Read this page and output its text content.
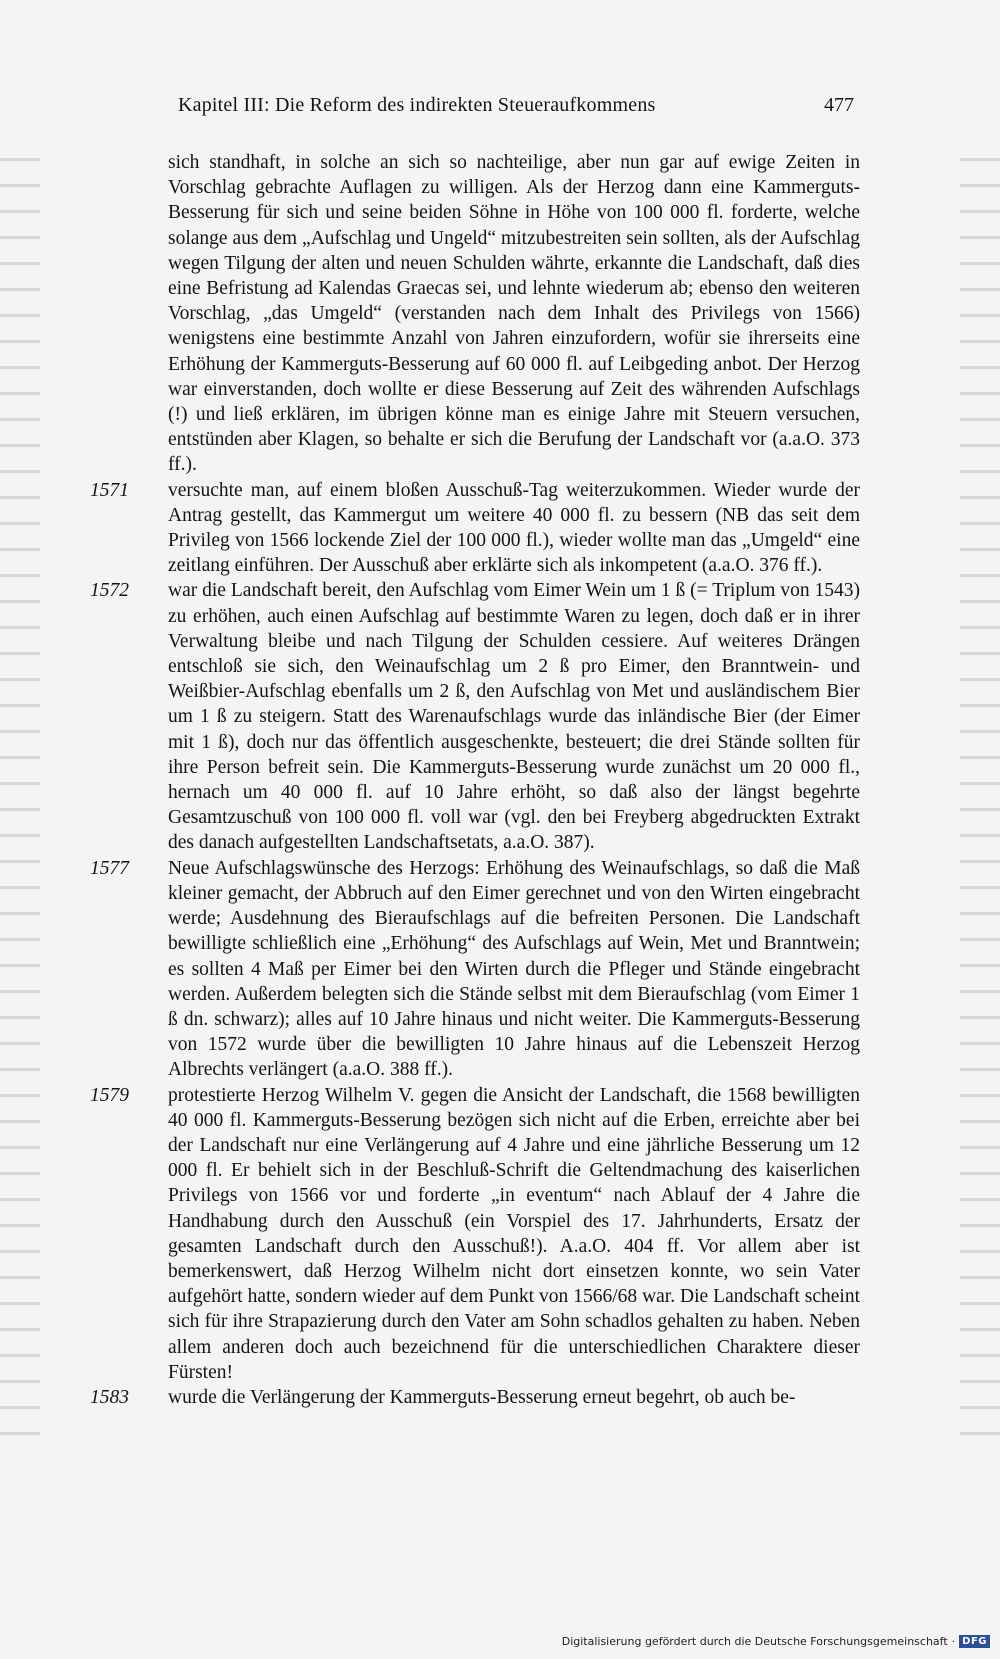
Kapitel III: Die Reform des indirekten Steueraufkommens	477
sich standhaft, in solche an sich so nachteilige, aber nun gar auf ewige Zeiten in Vorschlag gebrachte Auflagen zu willigen. Als der Herzog dann eine Kammerguts-Besserung für sich und seine beiden Söhne in Höhe von 100 000 fl. forderte, welche solange aus dem „Aufschlag und Ungeld“ mitzubestreiten sein sollten, als der Aufschlag wegen Tilgung der alten und neuen Schulden währte, erkannte die Landschaft, daß dies eine Befristung ad Kalendas Graecas sei, und lehnte wiederum ab; ebenso den weiteren Vorschlag, „das Umgeld“ (verstanden nach dem Inhalt des Privilegs von 1566) wenigstens eine bestimmte Anzahl von Jahren einzufordern, wofür sie ihrerseits eine Erhöhung der Kammerguts-Besserung auf 60 000 fl. auf Leibgeding anbot. Der Herzog war einverstanden, doch wollte er diese Besserung auf Zeit des währenden Aufschlags (!) und ließ erklären, im übrigen könne man es einige Jahre mit Steuern versuchen, entstünden aber Klagen, so behalte er sich die Berufung der Landschaft vor (a.a.O. 373 ff.).
1571	versuchte man, auf einem bloßen Ausschuß-Tag weiterzukommen. Wieder wurde der Antrag gestellt, das Kammergut um weitere 40 000 fl. zu bessern (NB das seit dem Privileg von 1566 lockende Ziel der 100 000 fl.), wieder wollte man das „Umgeld“ eine zeitlang einführen. Der Ausschuß aber erklärte sich als inkompetent (a.a.O. 376 ff.).
1572	war die Landschaft bereit, den Aufschlag vom Eimer Wein um 1 ß (= Triplum von 1543) zu erhöhen, auch einen Aufschlag auf bestimmte Waren zu legen, doch daß er in ihrer Verwaltung bleibe und nach Tilgung der Schulden cessiere. Auf weiteres Drängen entschloß sie sich, den Weinaufschlag um 2 ß pro Eimer, den Branntwein- und Weißbier-Aufschlag ebenfalls um 2 ß, den Aufschlag von Met und ausländischem Bier um 1 ß zu steigern. Statt des Warenaufschlags wurde das inländische Bier (der Eimer mit 1 ß), doch nur das öffentlich ausgeschenkte, besteuert; die drei Stände sollten für ihre Person befreit sein. Die Kammerguts-Besserung wurde zunächst um 20 000 fl., hernach um 40 000 fl. auf 10 Jahre erhöht, so daß also der längst begehrte Gesamtzuschuß von 100 000 fl. voll war (vgl. den bei Freyberg abgedruckten Extrakt des danach aufgestellten Landschaftsetats, a.a.O. 387).
1577	Neue Aufschlagswünsche des Herzogs: Erhöhung des Weinaufschlags, so daß die Maß kleiner gemacht, der Abbruch auf den Eimer gerechnet und von den Wirten eingebracht werde; Ausdehnung des Bieraufschlags auf die befreiten Personen. Die Landschaft bewilligte schließlich eine „Erhöhung“ des Aufschlags auf Wein, Met und Branntwein; es sollten 4 Maß per Eimer bei den Wirten durch die Pfleger und Stände eingebracht werden. Außerdem belegten sich die Stände selbst mit dem Bieraufschlag (vom Eimer 1 ß dn. schwarz); alles auf 10 Jahre hinaus und nicht weiter. Die Kammerguts-Besserung von 1572 wurde über die bewilligten 10 Jahre hinaus auf die Lebenszeit Herzog Albrechts verlängert (a.a.O. 388 ff.).
1579	protestierte Herzog Wilhelm V. gegen die Ansicht der Landschaft, die 1568 bewilligten 40 000 fl. Kammerguts-Besserung bezögen sich nicht auf die Erben, erreichte aber bei der Landschaft nur eine Verlängerung auf 4 Jahre und eine jährliche Besserung um 12 000 fl. Er behielt sich in der Beschluß-Schrift die Geltendmachung des kaiserlichen Privilegs von 1566 vor und forderte „in eventum“ nach Ablauf der 4 Jahre die Handhabung durch den Ausschuß (ein Vorspiel des 17. Jahrhunderts, Ersatz der gesamten Landschaft durch den Ausschuß!). A.a.O. 404 ff. Vor allem aber ist bemerkenswert, daß Herzog Wilhelm nicht dort einsetzen konnte, wo sein Vater aufgehört hatte, sondern wieder auf dem Punkt von 1566/68 war. Die Landschaft scheint sich für ihre Strapazierung durch den Vater am Sohn schadlos gehalten zu haben. Neben allem anderen doch auch bezeichnend für die unterschiedlichen Charaktere dieser Fürsten!
1583	wurde die Verlängerung der Kammerguts-Besserung erneut begehrt, ob auch be-
Digitalisierung gefördert durch die Deutsche Forschungsgemeinschaft · DFG
